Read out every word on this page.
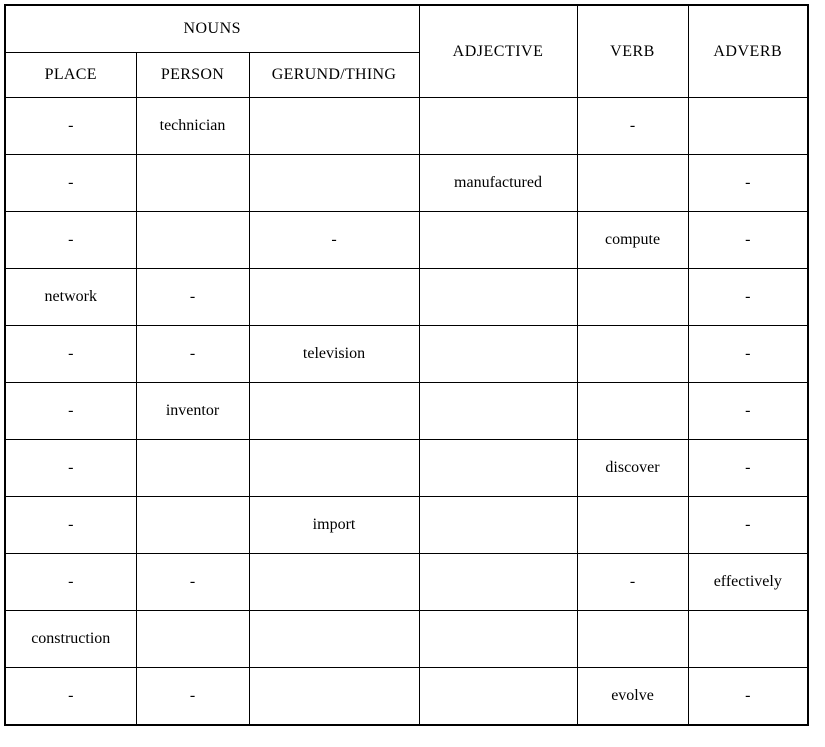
NOUNS			ADJECTIVE	VERB	ADVERB
PLACE	PERSON	GERUND/THING			
-	technician			-	
-			manufactured		-
-		-		compute	-
network	-				-
-	-	television			-
-	inventor				-
-				discover	-
-		import			-
-	-			-	effectively
construction					
-	-			evolve	-
